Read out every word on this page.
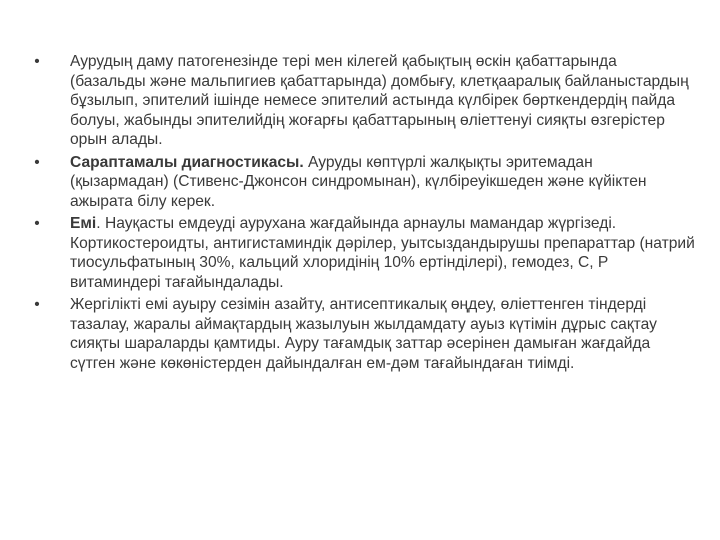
• Аурудың даму патогенезінде тері мен кілегей қабықтың өскін қабаттарында (базальды және мальпигиев қабаттарында) домбығу, клетқааралық байланыстардың бұзылып, эпителий ішінде немесе эпителий астында күлбірек бөрткендердің пайда болуы, жабынды эпителийдің жоғарғы қабаттарының өліеттенуі сияқты өзгерістер орын алады.
• Сараптамалы диагностикасы. Ауруды көптүрлі жалқықты эритемадан (қызармадан) (Стивенс-Джонсон синдромынан), күлбіреуікшеден және күйіктен ажырата білу керек.
• Емі. Науқасты емдеуді аурухана жағдайында арнаулы мамандар жүргізеді. Кортикостероидты, антигистаминдік дәрілер, уытсыздандырушы препараттар (натрий тиосульфатының 30%, кальций хлоридінің 10% ертінділері), гемодез, С, Р витаминдері тағайындалады.
• Жергілікті емі ауыру сезімін азайту, антисептикалық өңдеу, өліеттенген тіндерді тазалау, жаралы аймақтардың жазылуын жылдамдату ауыз күтімін дұрыс сақтау сияқты шараларды қамтиды. Ауру тағамдық заттар әсерінен дамыған жағдайда сүтген және көкөністерден дайындалған ем-дәм тағайындаған тиімді.
